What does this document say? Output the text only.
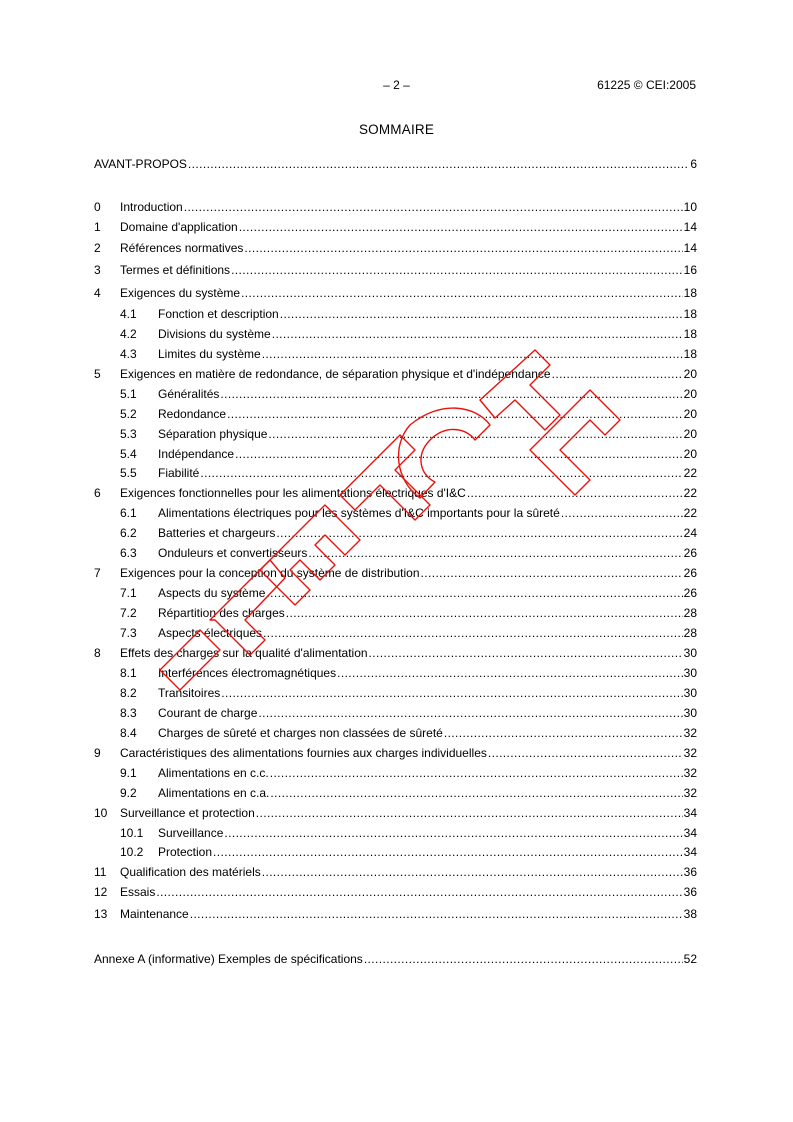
– 2 –	61225 © CEI:2005
SOMMAIRE
AVANT-PROPOS .....	6
0	Introduction .....	10
1	Domaine d'application .....	14
2	Références normatives .....	14
3	Termes et définitions .....	16
4	Exigences du système .....	18
4.1	Fonction et description .....	18
4.2	Divisions du système .....	18
4.3	Limites du système .....	18
5	Exigences en matière de redondance, de séparation physique et d'indépendance .....	20
5.1	Généralités .....	20
5.2	Redondance .....	20
5.3	Séparation physique .....	20
5.4	Indépendance .....	20
5.5	Fiabilité .....	22
6	Exigences fonctionnelles pour les alimentations électriques d'I&C .....	22
6.1	Alimentations électriques pour les systèmes d'I&C importants pour la sûreté .....	22
6.2	Batteries et chargeurs .....	24
6.3	Onduleurs et convertisseurs .....	26
7	Exigences pour la conception du système de distribution .....	26
7.1	Aspects du système .....	26
7.2	Répartition des charges .....	28
7.3	Aspects électriques .....	28
8	Effets des charges sur la qualité d'alimentation .....	30
8.1	Interférences électromagnétiques .....	30
8.2	Transitoires .....	30
8.3	Courant de charge .....	30
8.4	Charges de sûreté et charges non classées de sûreté .....	32
9	Caractéristiques des alimentations fournies aux charges individuelles .....	32
9.1	Alimentations en c.c. .....	32
9.2	Alimentations en c.a. .....	32
10	Surveillance et protection .....	34
10.1	Surveillance .....	34
10.2	Protection .....	34
11	Qualification des matériels .....	36
12	Essais .....	36
13	Maintenance .....	38
Annexe A (informative) Exemples de spécifications .....	52
